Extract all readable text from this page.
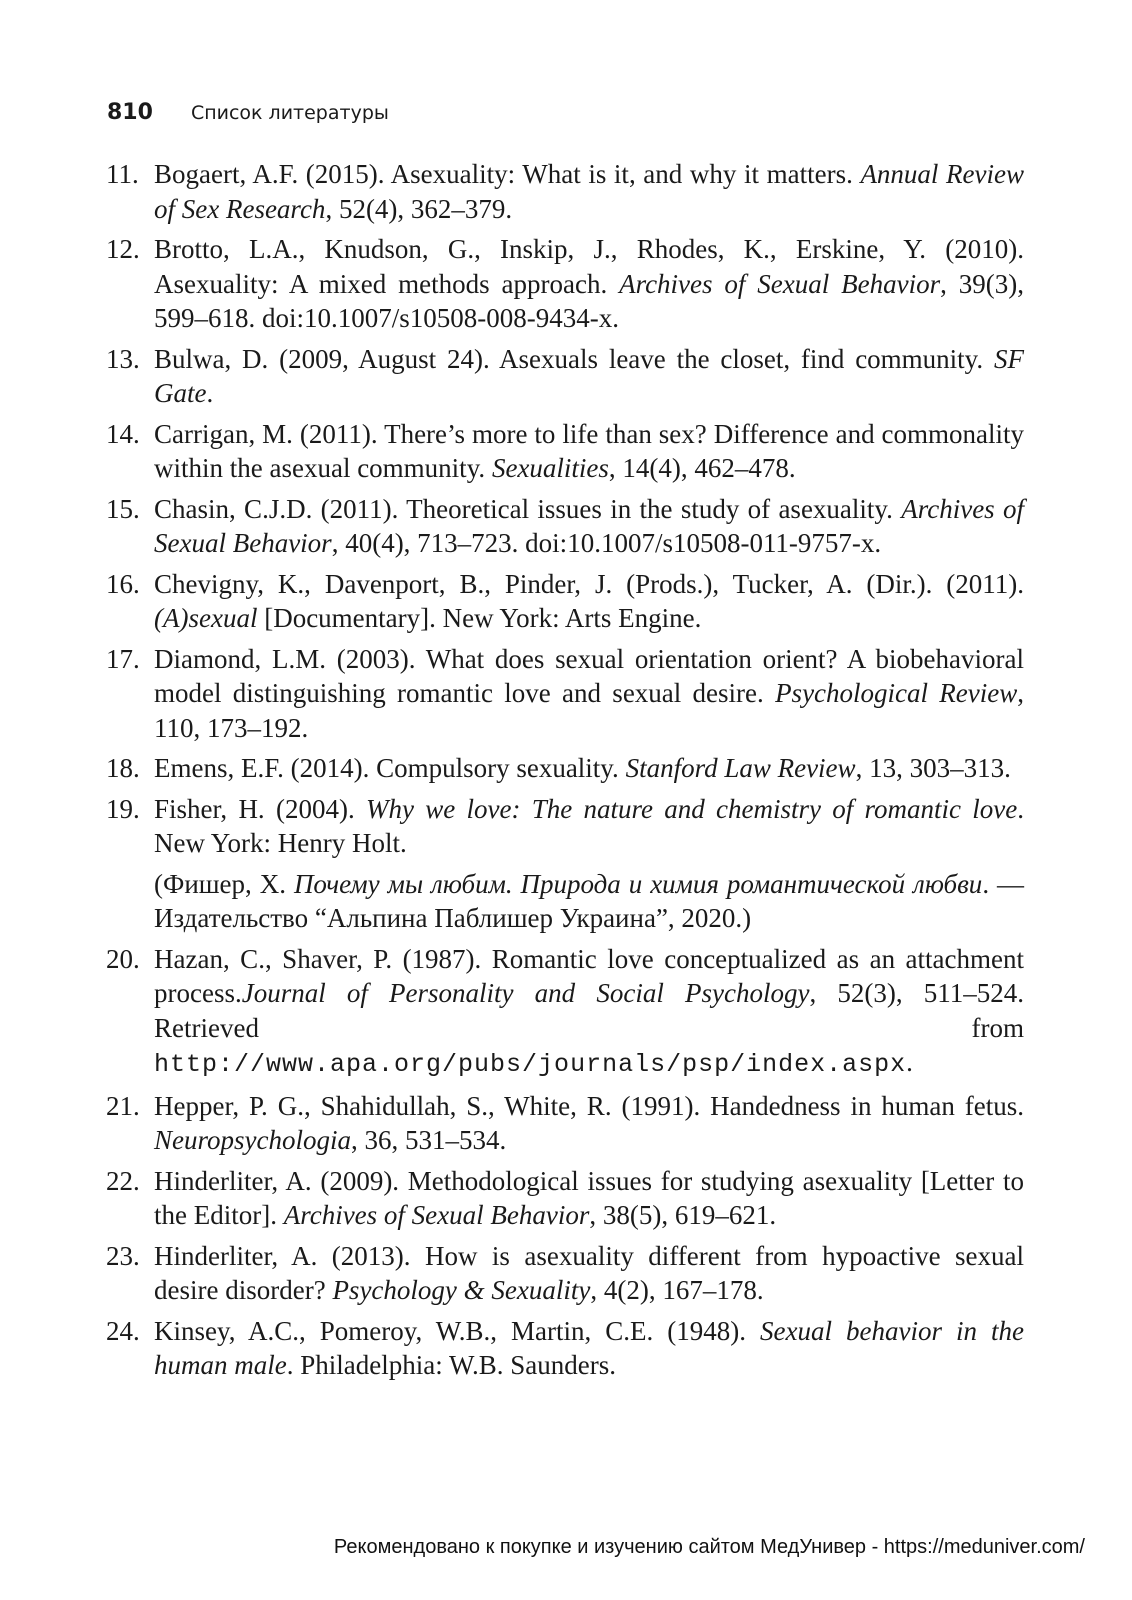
810 Список литературы
11. Bogaert, A.F. (2015). Asexuality: What is it, and why it matters. Annual Review of Sex Research, 52(4), 362–379.
12. Brotto, L.A., Knudson, G., Inskip, J., Rhodes, K., Erskine, Y. (2010). Asexuality: A mixed methods approach. Archives of Sexual Behavior, 39(3), 599–618. doi:10.1007/s10508-008-9434-x.
13. Bulwa, D. (2009, August 24). Asexuals leave the closet, find community. SF Gate.
14. Carrigan, M. (2011). There’s more to life than sex? Difference and commonality within the asexual community. Sexualities, 14(4), 462–478.
15. Chasin, C.J.D. (2011). Theoretical issues in the study of asexuality. Archives of Sexual Behavior, 40(4), 713–723. doi:10.1007/s10508-011-9757-x.
16. Chevigny, K., Davenport, B., Pinder, J. (Prods.), Tucker, A. (Dir.). (2011). (A)sexual [Documentary]. New York: Arts Engine.
17. Diamond, L.M. (2003). What does sexual orientation orient? A biobehavioral model distinguishing romantic love and sexual desire. Psychological Review, 110, 173–192.
18. Emens, E.F. (2014). Compulsory sexuality. Stanford Law Review, 13, 303–313.
19. Fisher, H. (2004). Why we love: The nature and chemistry of romantic love. New York: Henry Holt.
(Фишер, Х. Почему мы любим. Природа и химия романтической любви. — Издательство “Альпина Паблишер Украина”, 2020.)
20. Hazan, C., Shaver, P. (1987). Romantic love conceptualized as an attachment process.Journal of Personality and Social Psychology, 52(3), 511–524. Retrieved from http://www.apa.org/pubs/journals/psp/index.aspx.
21. Hepper, P. G., Shahidullah, S., White, R. (1991). Handedness in human fetus. Neuropsychologia, 36, 531–534.
22. Hinderliter, A. (2009). Methodological issues for studying asexuality [Letter to the Editor]. Archives of Sexual Behavior, 38(5), 619–621.
23. Hinderliter, A. (2013). How is asexuality different from hypoactive sexual desire disorder? Psychology & Sexuality, 4(2), 167–178.
24. Kinsey, A.C., Pomeroy, W.B., Martin, C.E. (1948). Sexual behavior in the human male. Philadelphia: W.B. Saunders.
Рекомендовано к покупке и изучению сайтом МедУнивер - https://meduniver.com/
